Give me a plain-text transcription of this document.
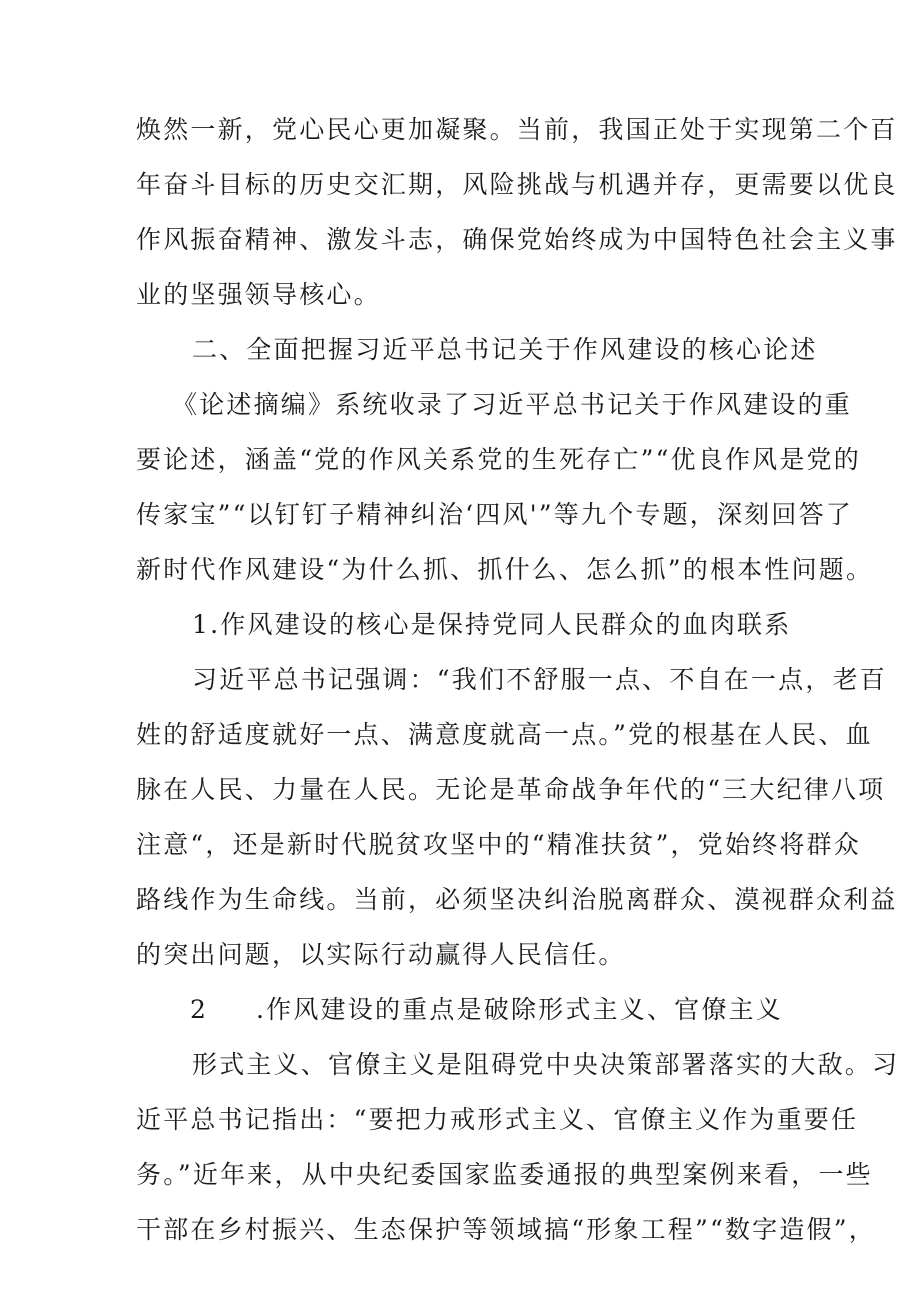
焕然一新，党心民心更加凝聚。当前，我国正处于实现第二个百
年奋斗目标的历史交汇期，风险挑战与机遇并存，更需要以优良
作风振奋精神、激发斗志，确保党始终成为中国特色社会主义事
业的坚强领导核心。
二、全面把握习近平总书记关于作风建设的核心论述
《论述摘编》系统收录了习近平总书记关于作风建设的重
要论述，涵盖“党的作风关系党的生死存亡”“优良作风是党的
传家宝”“以钉钉子精神纠治‘四风'”等九个专题，深刻回答了
新时代作风建设“为什么抓、抓什么、怎么抓”的根本性问题。
1.作风建设的核心是保持党同人民群众的血肉联系
习近平总书记强调：“我们不舒服一点、不自在一点，老百
姓的舒适度就好一点、满意度就高一点。”党的根基在人民、血
脉在人民、力量在人民。无论是革命战争年代的“三大纪律八项
注意“，还是新时代脱贫攻坚中的“精准扶贫”，党始终将群众
路线作为生命线。当前，必须坚决纠治脱离群众、漠视群众利益
的突出问题，以实际行动赢得人民信任。
2 .作风建设的重点是破除形式主义、官僚主义
形式主义、官僚主义是阻碍党中央决策部署落实的大敌。习
近平总书记指出：“要把力戒形式主义、官僚主义作为重要任
务。”近年来，从中央纪委国家监委通报的典型案例来看，一些
干部在乡村振兴、生态保护等领域搞“形象工程”“数字造假”，
